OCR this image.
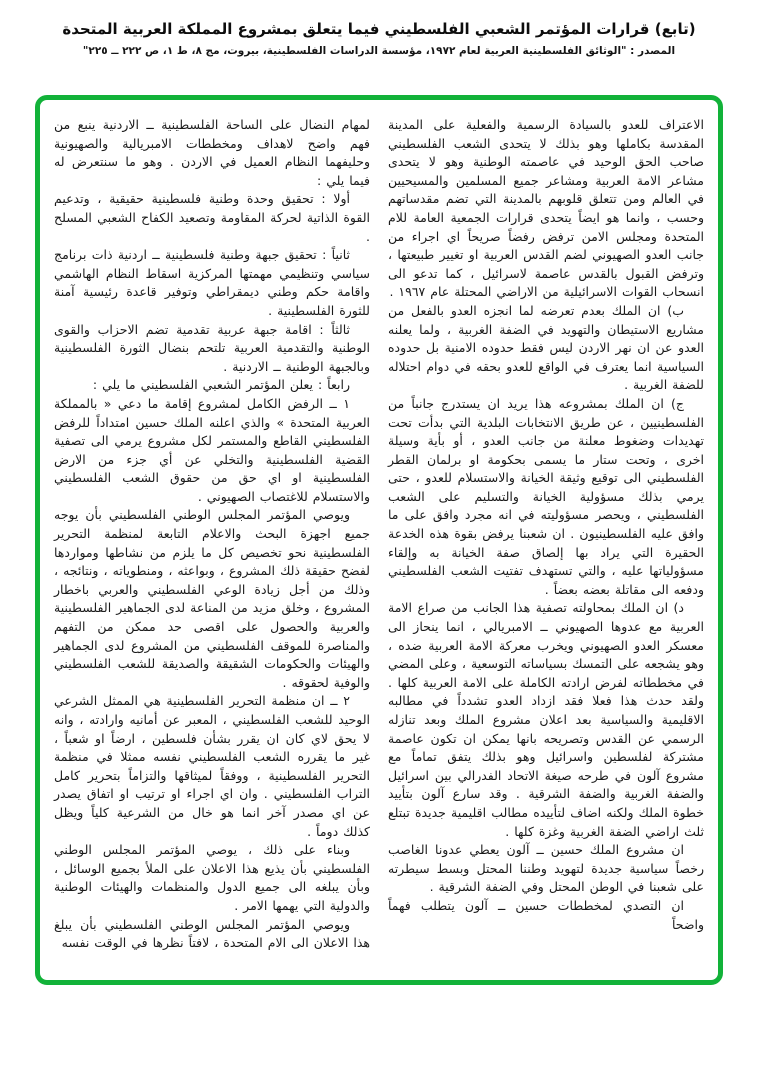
(تابع) قرارات المؤتمر الشعبي الفلسطيني فيما يتعلق بمشروع المملكة العربية المتحدة
المصدر : "الوثائق الفلسطينية العربية لعام ١٩٧٢، مؤسسة الدراسات الفلسطينية، بيروت، مج ٨، ط ١، ص ٢٢٢ ــ ٢٢٥"

الاعتراف للعدو بالسيادة الرسمية والفعلية على المدينة المقدسة بكاملها وهو بذلك لا يتحدى الشعب الفلسطيني صاحب الحق الوحيد في عاصمته الوطنية وهو لا يتحدى مشاعر الامة العربية ومشاعر جميع المسلمين والمسيحيين في العالم ومن تتعلق قلوبهم بالمدينة التي تضم مقدساتهم وحسب ، وانما هو ايضاً يتحدى قرارات الجمعية العامة للام المتحدة ومجلس الامن ترفض رفضاً صريحاً اي اجراء من جانب العدو الصهيوني لضم القدس العربية او تغيير طبيعتها ، وترفض القبول بالقدس عاصمة لاسرائيل ، كما تدعو الى انسحاب القوات الاسرائيلية من الاراضي المحتلة عام ١٩٦٧ .

ب) ان الملك بعدم تعرضه لما انجزه العدو بالفعل من مشاريع الاستيطان والتهويد في الضفة الغربية ، ولما يعلنه العدو عن ان نهر الاردن ليس فقط حدوده الامنية بل حدوده السياسية انما يعترف في الواقع للعدو بحقه في دوام احتلاله للضفة الغربية .

ج) ان الملك بمشروعه هذا يريد ان يستدرج جانباً من الفلسطينيين ، عن طريق الانتخابات البلدية التي بدأت تحت تهديدات وضغوط معلنة من جانب العدو ، أو بأية وسيلة اخرى ، وتحت ستار ما يسمى بحكومة او برلمان القطر الفلسطيني الى توقيع وثيقة الخيانة والاستسلام للعدو ، حتى يرمي بذلك مسؤولية الخيانة والتسليم على الشعب الفلسطيني ، ويحصر مسؤوليته في انه مجرد وافق على ما وافق عليه الفلسطينيون . ان شعبنا يرفض بقوة هذه الخدعة الحقيرة التي يراد بها إلصاق صفة الخيانة به وإلقاء مسؤولياتها عليه ، والتي تستهدف تفتيت الشعب الفلسطيني ودفعه الى مقاتلة بعضه بعضاً .

د) ان الملك بمحاولته تصفية هذا الجانب من صراع الامة العربية مع عدوها الصهيوني ــ الامبريالي ، انما ينحاز الى معسكر العدو الصهيوني ويخرب معركة الامة العربية ضده ، وهو يشجعه على التمسك بسياساته التوسعية ، وعلى المضي في مخططاته لفرض ارادته الكاملة على الامة العربية كلها . ولقد حدث هذا فعلا فقد ازداد العدو تشدداً في مطالبه الاقليمية والسياسية بعد اعلان مشروع الملك وبعد تنازله الرسمي عن القدس وتصريحه بانها يمكن ان تكون عاصمة مشتركة لفلسطين واسرائيل وهو بذلك يتفق تماماً مع مشروع آلون في طرحه صيغة الاتحاد الفدرالي بين اسرائيل والضفة الغربية والضفة الشرقية . وقد سارع آلون بتأييد خطوة الملك ولكنه اضاف لتأييده مطالب اقليمية جديدة تبتلع ثلث اراضي الضفة الغربية وغزة كلها .

ان مشروع الملك حسين ــ آلون يعطي عدونا الغاصب رخصاً سياسية جديدة لتهويد وطننا المحتل وبسط سيطرته على شعبنا في الوطن المحتل وفي الضفة الشرقية .

ان التصدي لمخططات حسين ــ آلون يتطلب فهماً واضحاً

لمهام النضال على الساحة الفلسطينية ــ الاردنية ينبع من فهم واضح لاهداف ومخططات الامبريالية والصهيونية وحليفهما النظام العميل في الاردن . وهو ما سنتعرض له فيما يلي :

أولا : تحقيق وحدة وطنية فلسطينية حقيقية ، وتدعيم القوة الذاتية لحركة المقاومة وتصعيد الكفاح الشعبي المسلح .

ثانياً : تحقيق جبهة وطنية فلسطينية ــ اردنية ذات برنامج سياسي وتنظيمي مهمتها المركزية اسقاط النظام الهاشمي واقامة حكم وطني ديمقراطي وتوفير قاعدة رئيسية آمنة للثورة الفلسطينية .

ثالثاً : اقامة جبهة عربية تقدمية تضم الاحزاب والقوى الوطنية والتقدمية العربية تلتحم بنضال الثورة الفلسطينية وبالجبهة الوطنية ــ الاردنية .

رابعاً : يعلن المؤتمر الشعبي الفلسطيني ما يلي :

١ ــ الرفض الكامل لمشروع إقامة ما دعي « بالمملكة العربية المتحدة » والذي اعلنه الملك حسين امتداداً للرفض الفلسطيني القاطع والمستمر لكل مشروع يرمي الى تصفية القضية الفلسطينية والتخلي عن أي جزء من الارض الفلسطينية او اي حق من حقوق الشعب الفلسطيني والاستسلام للاغتصاب الصهيوني .

ويوصي المؤتمر المجلس الوطني الفلسطيني بأن يوجه جميع اجهزة البحث والاعلام التابعة لمنظمة التحرير الفلسطينية نحو تخصيص كل ما يلزم من نشاطها ومواردها لفضح حقيقة ذلك المشروع ، وبواعثه ، ومنطوياته ، ونتائجه ، وذلك من أجل زيادة الوعي الفلسطيني والعربي باخطار المشروع ، وخلق مزيد من المناعة لدى الجماهير الفلسطينية والعربية والحصول على اقصى حد ممكن من التفهم والمناصرة للموقف الفلسطيني من المشروع لدى الجماهير والهيئات والحكومات الشقيقة والصديقة للشعب الفلسطيني والوفية لحقوقه .

٢ ــ ان منظمة التحرير الفلسطينية هي الممثل الشرعي الوحيد للشعب الفلسطيني ، المعبر عن أمانيه وارادته ، وانه لا يحق لاي كان ان يقرر بشأن فلسطين ، ارضاً او شعباً ، غير ما يقرره الشعب الفلسطيني نفسه ممثلا في منظمة التحرير الفلسطينية ، ووفقاً لميثاقها والتزاماً بتحرير كامل التراب الفلسطيني . وان اي اجراء او ترتيب او اتفاق يصدر عن اي مصدر آخر انما هو خال من الشرعية كلياً ويظل كذلك دوماً .

وبناء على ذلك ، يوصي المؤتمر المجلس الوطني الفلسطيني بأن يذيع هذا الاعلان على الملأ بجميع الوسائل ، وبأن يبلغه الى جميع الدول والمنظمات والهيئات الوطنية والدولية التي يهمها الامر .

ويوصي المؤتمر المجلس الوطني الفلسطيني بأن يبلغ هذا الاعلان الى الام المتحدة ، لافتاً نظرها في الوقت نفسه
